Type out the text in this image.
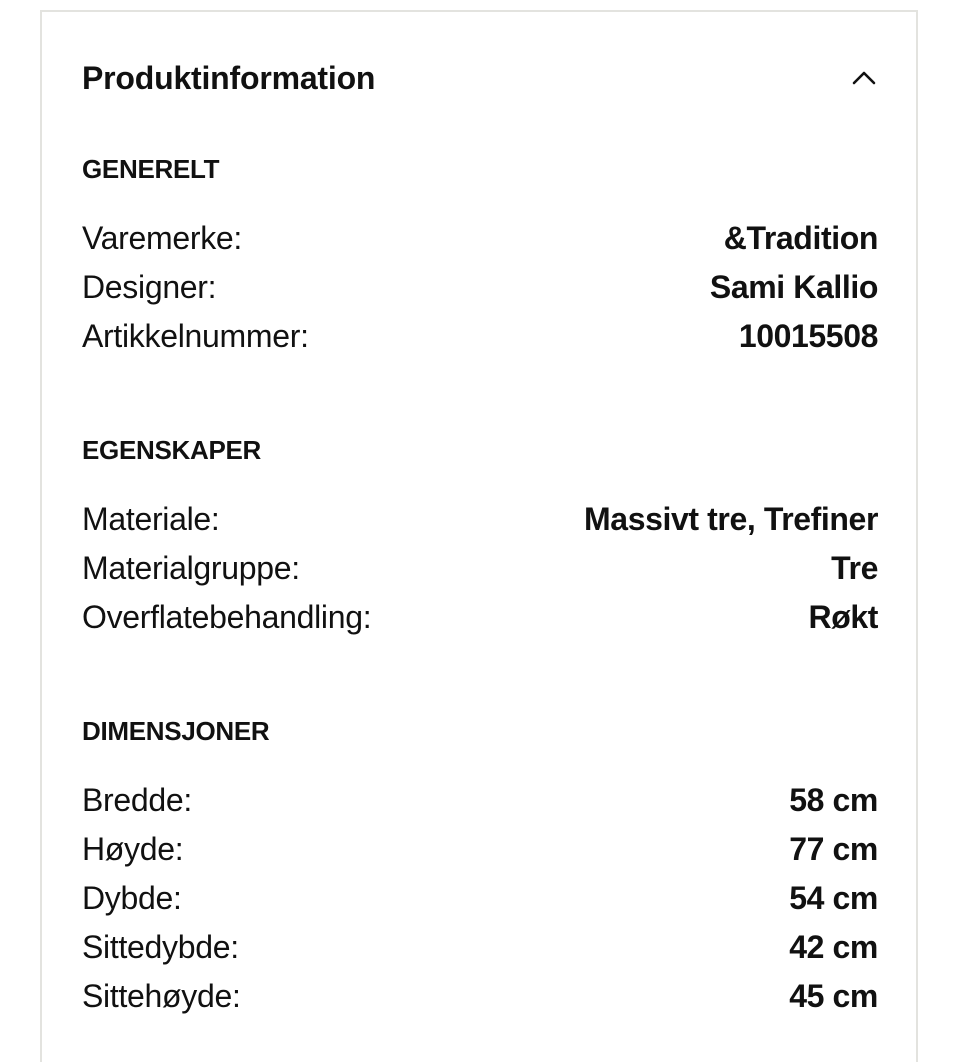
Produktinformation
GENERELT
Varemerke:	&Tradition
Designer:	Sami Kallio
Artikkelnummer:	10015508
EGENSKAPER
Materiale:	Massivt tre, Trefiner
Materialgruppe:	Tre
Overflatebehandling:	Røkt
DIMENSJONER
Bredde:	58 cm
Høyde:	77 cm
Dybde:	54 cm
Sittedybde:	42 cm
Sittehøyde:	45 cm
